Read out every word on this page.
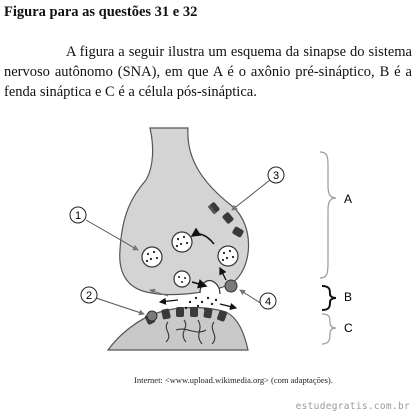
Figura para as questões 31 e 32
A figura a seguir ilustra um esquema da sinapse do sistema nervoso autônomo (SNA), em que A é o axônio pré-sináptico, B é a fenda sináptica e C é a célula pós-sináptica.
1
2
3
4
A
B
C
Internet: <www.upload.wikimedia.org> (com adaptações).
estudegratis.com.br
